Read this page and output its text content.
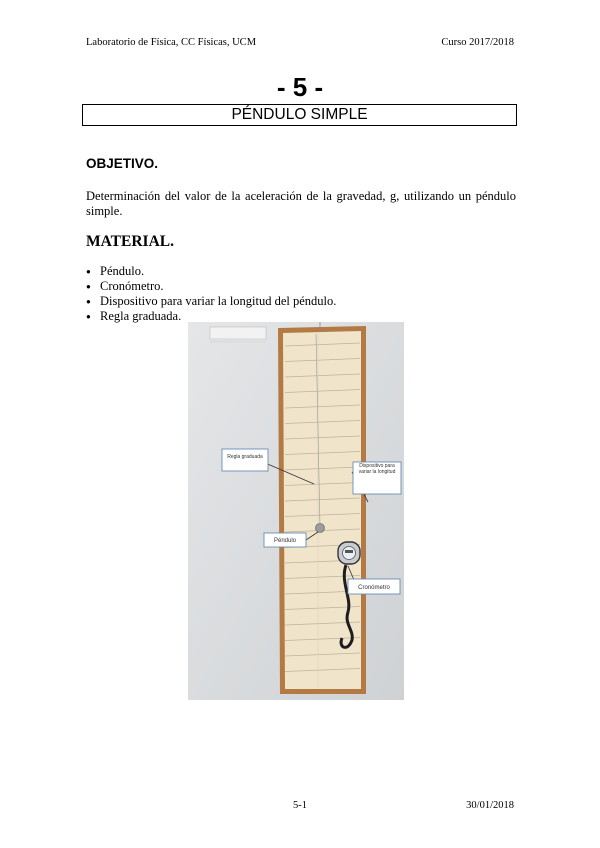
Laboratorio de Física, CC Físicas, UCM	Curso 2017/2018
- 5 -
PÉNDULO SIMPLE
OBJETIVO.
Determinación del valor de la aceleración de la gravedad, g, utilizando un péndulo simple.
MATERIAL.
● Péndulo.
● Cronómetro.
● Dispositivo para variar la longitud del péndulo.
● Regla graduada.
Regla graduada
Dispositivo para variar la longitud
Péndulo
Cronómetro
5-1	30/01/2018
